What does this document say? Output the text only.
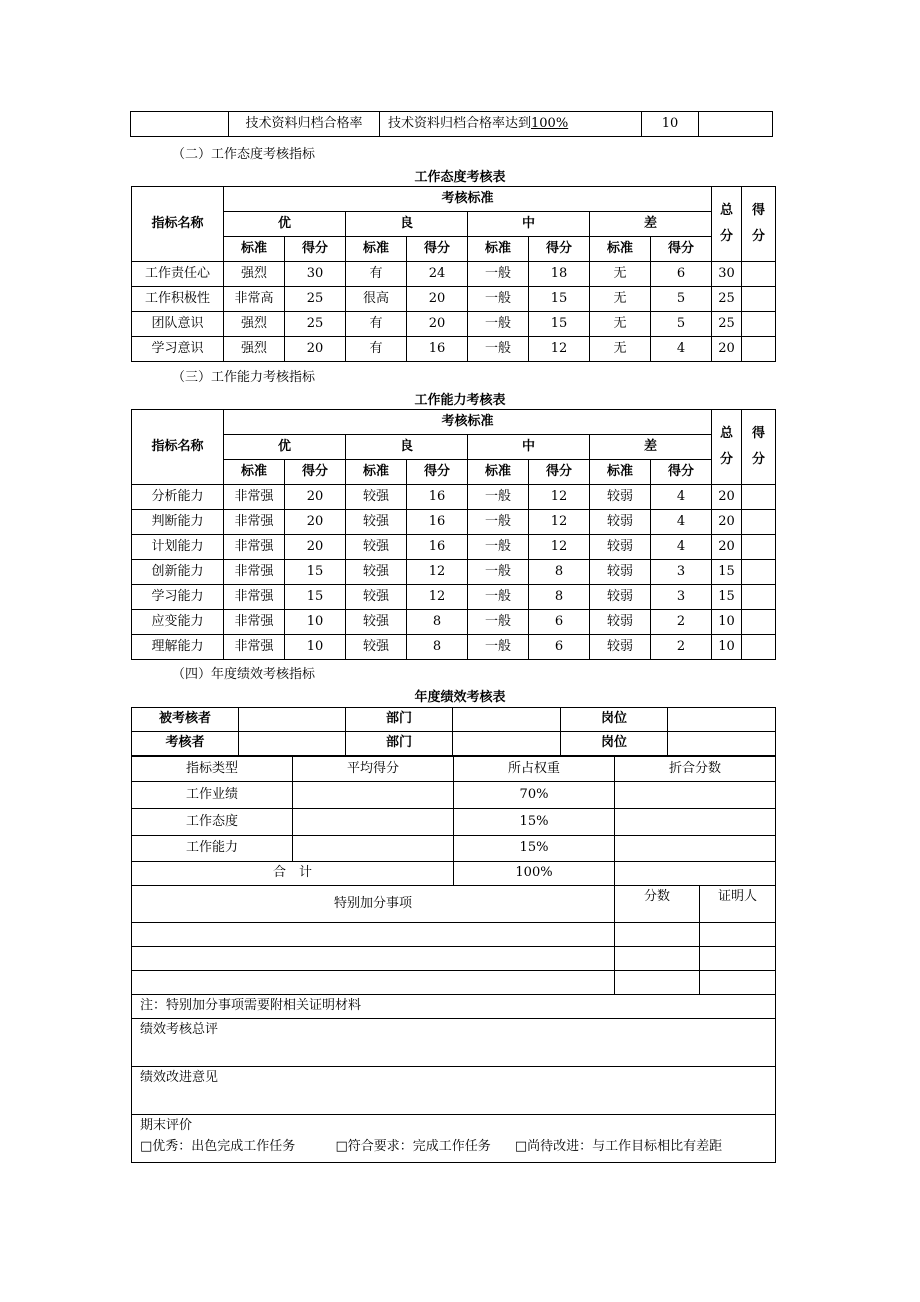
	技术资料归档合格率	技术资料归档合格率达到100%	10	
（二）工作态度考核指标
工作态度考核表
指标名称	考核标准								总分	得分
	优		良		中		差			
	标准	得分	标准	得分	标准	得分	标准	得分		
工作责任心	强烈	30	有	24	一般	18	无	6	30	
工作积极性	非常高	25	很高	20	一般	15	无	5	25	
团队意识	强烈	25	有	20	一般	15	无	5	25	
学习意识	强烈	20	有	16	一般	12	无	4	20	
（三）工作能力考核指标
工作能力考核表
指标名称	考核标准								总分	得分
	优		良		中		差			
	标准	得分	标准	得分	标准	得分	标准	得分		
分析能力	非常强	20	较强	16	一般	12	较弱	4	20	
判断能力	非常强	20	较强	16	一般	12	较弱	4	20	
计划能力	非常强	20	较强	16	一般	12	较弱	4	20	
创新能力	非常强	15	较强	12	一般	8	较弱	3	15	
学习能力	非常强	15	较强	12	一般	8	较弱	3	15	
应变能力	非常强	10	较强	8	一般	6	较弱	2	10	
理解能力	非常强	10	较强	8	一般	6	较弱	2	10	
（四）年度绩效考核指标
年度绩效考核表
被考核者		部门		岗位	
考核者		部门		岗位	
指标类型	平均得分	所占权重	折合分数	
工作业绩		70%		
工作态度		15%		
工作能力		15%		
合　计		100%		
特别加分事项			分数	证明人

注：特别加分事项需要附相关证明材料				
绩效考核总评				
绩效改进意见				

期末评价
□优秀：出色完成工作任务 □符合要求：完成工作任务 □尚待改进：与工作目标相比有差距				
